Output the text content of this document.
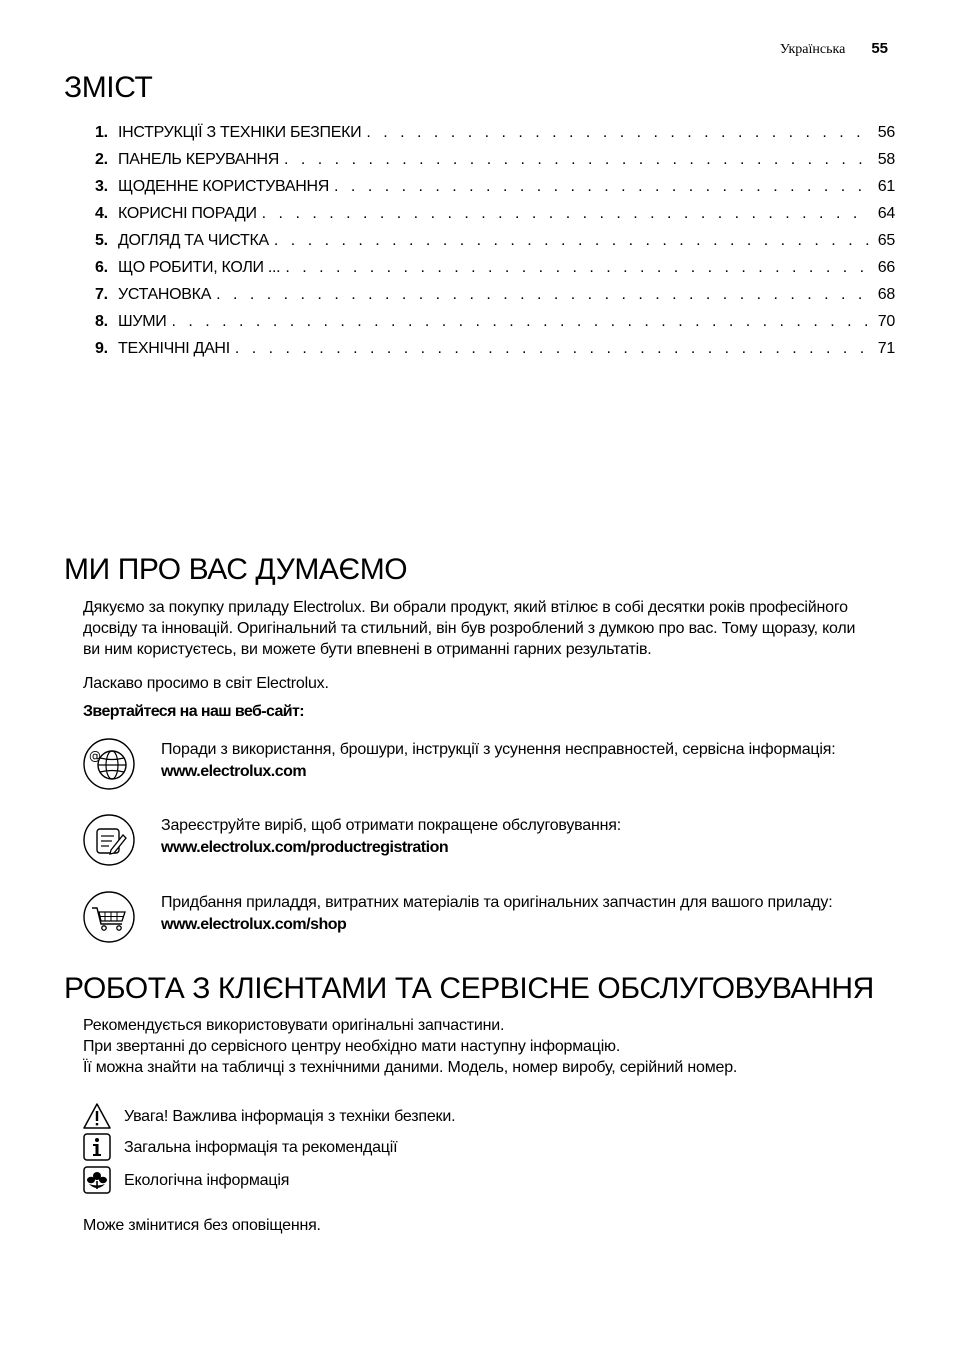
Українська 55
ЗМІСТ
1. ІНСТРУКЦІЇ З ТЕХНІКИ БЕЗПЕКИ . . .	56
2. ПАНЕЛЬ КЕРУВАННЯ . . .	58
3. ЩОДЕННЕ КОРИСТУВАННЯ . . .	61
4. КОРИСНІ ПОРАДИ . . .	64
5. ДОГЛЯД ТА ЧИСТКА . . .	65
6. ЩО РОБИТИ, КОЛИ ... . . .	66
7. УСТАНОВКА . . .	68
8. ШУМИ . . .	70
9. ТЕХНІЧНІ ДАНІ . . .	71
МИ ПРО ВАС ДУМАЄМО

Дякуємо за покупку приладу Electrolux. Ви обрали продукт, який втілює в собі десятки років професійного
досвіду та інновацій. Оригінальний та стильний, він був розроблений з думкою про вас. Тому щоразу, коли
ви ним користуєтесь, ви можете бути впевнені в отриманні гарних результатів.

Ласкаво просимо в світ Electrolux.

Звертайтеся на наш веб-сайт:

@	Поради з використання, брошури, інструкції з усунення несправностей, сервісна інформація:
www.electrolux.com
Зареєструйте виріб, щоб отримати покращене обслуговування:
www.electrolux.com/productregistration
Придбання приладдя, витратних матеріалів та оригінальних запчастин для вашого приладу:
www.electrolux.com/shop
РОБОТА З КЛІЄНТАМИ ТА СЕРВІСНЕ ОБСЛУГОВУВАННЯ

Рекомендується використовувати оригінальні запчастини.
При звертанні до сервісного центру необхідно мати наступну інформацію.
Її можна знайти на табличці з технічними даними. Модель, номер виробу, серійний номер.

Увага! Важлива інформація з техніки безпеки.
Загальна інформація та рекомендації
Екологічна інформація

Може змінитися без оповіщення.
